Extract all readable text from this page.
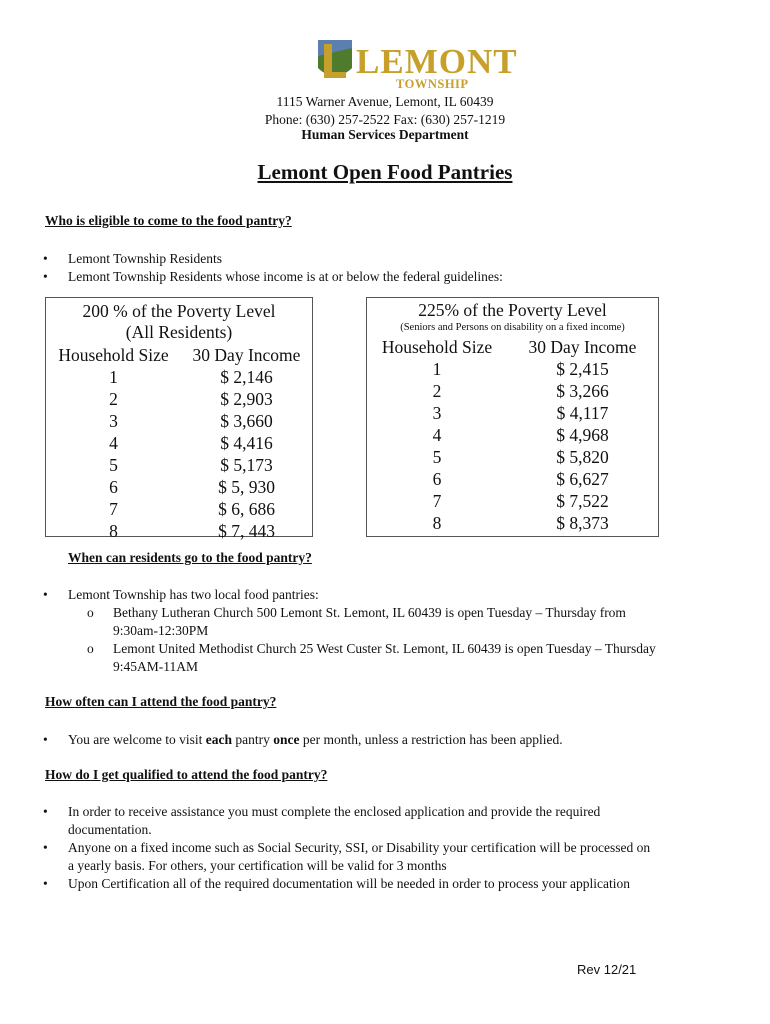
LEMONT
TOWNSHIP
1115 Warner Avenue, Lemont, IL 60439
Phone: (630) 257-2522 Fax: (630) 257-1219
Human Services Department
Lemont Open Food Pantries
Who is eligible to come to the food pantry?
• Lemont Township Residents
• Lemont Township Residents whose income is at or below the federal guidelines:
200 % of the Poverty Level
(All Residents)
Household Size	30 Day Income
1	$ 2,146
2	$ 2,903
3	$ 3,660
4	$ 4,416
5	$ 5,173
6	$ 5, 930
7	$ 6, 686
8	$ 7, 443
225% of the Poverty Level
(Seniors and Persons on disability on a fixed income)
Household Size	30 Day Income
1	$ 2,415
2	$ 3,266
3	$ 4,117
4	$ 4,968
5	$ 5,820
6	$ 6,627
7	$ 7,522
8	$ 8,373
When can residents go to the food pantry?
• Lemont Township has two local food pantries:
o Bethany Lutheran Church 500 Lemont St. Lemont, IL 60439 is open Tuesday – Thursday from
9:30am-12:30PM
o Lemont United Methodist Church 25 West Custer St. Lemont, IL 60439 is open Tuesday – Thursday
9:45AM-11AM
How often can I attend the food pantry?
• You are welcome to visit each pantry once per month, unless a restriction has been applied.
How do I get qualified to attend the food pantry?
• In order to receive assistance you must complete the enclosed application and provide the required
documentation.
• Anyone on a fixed income such as Social Security, SSI, or Disability your certification will be processed on
a yearly basis. For others, your certification will be valid for 3 months
• Upon Certification all of the required documentation will be needed in order to process your application
Rev 12/21
